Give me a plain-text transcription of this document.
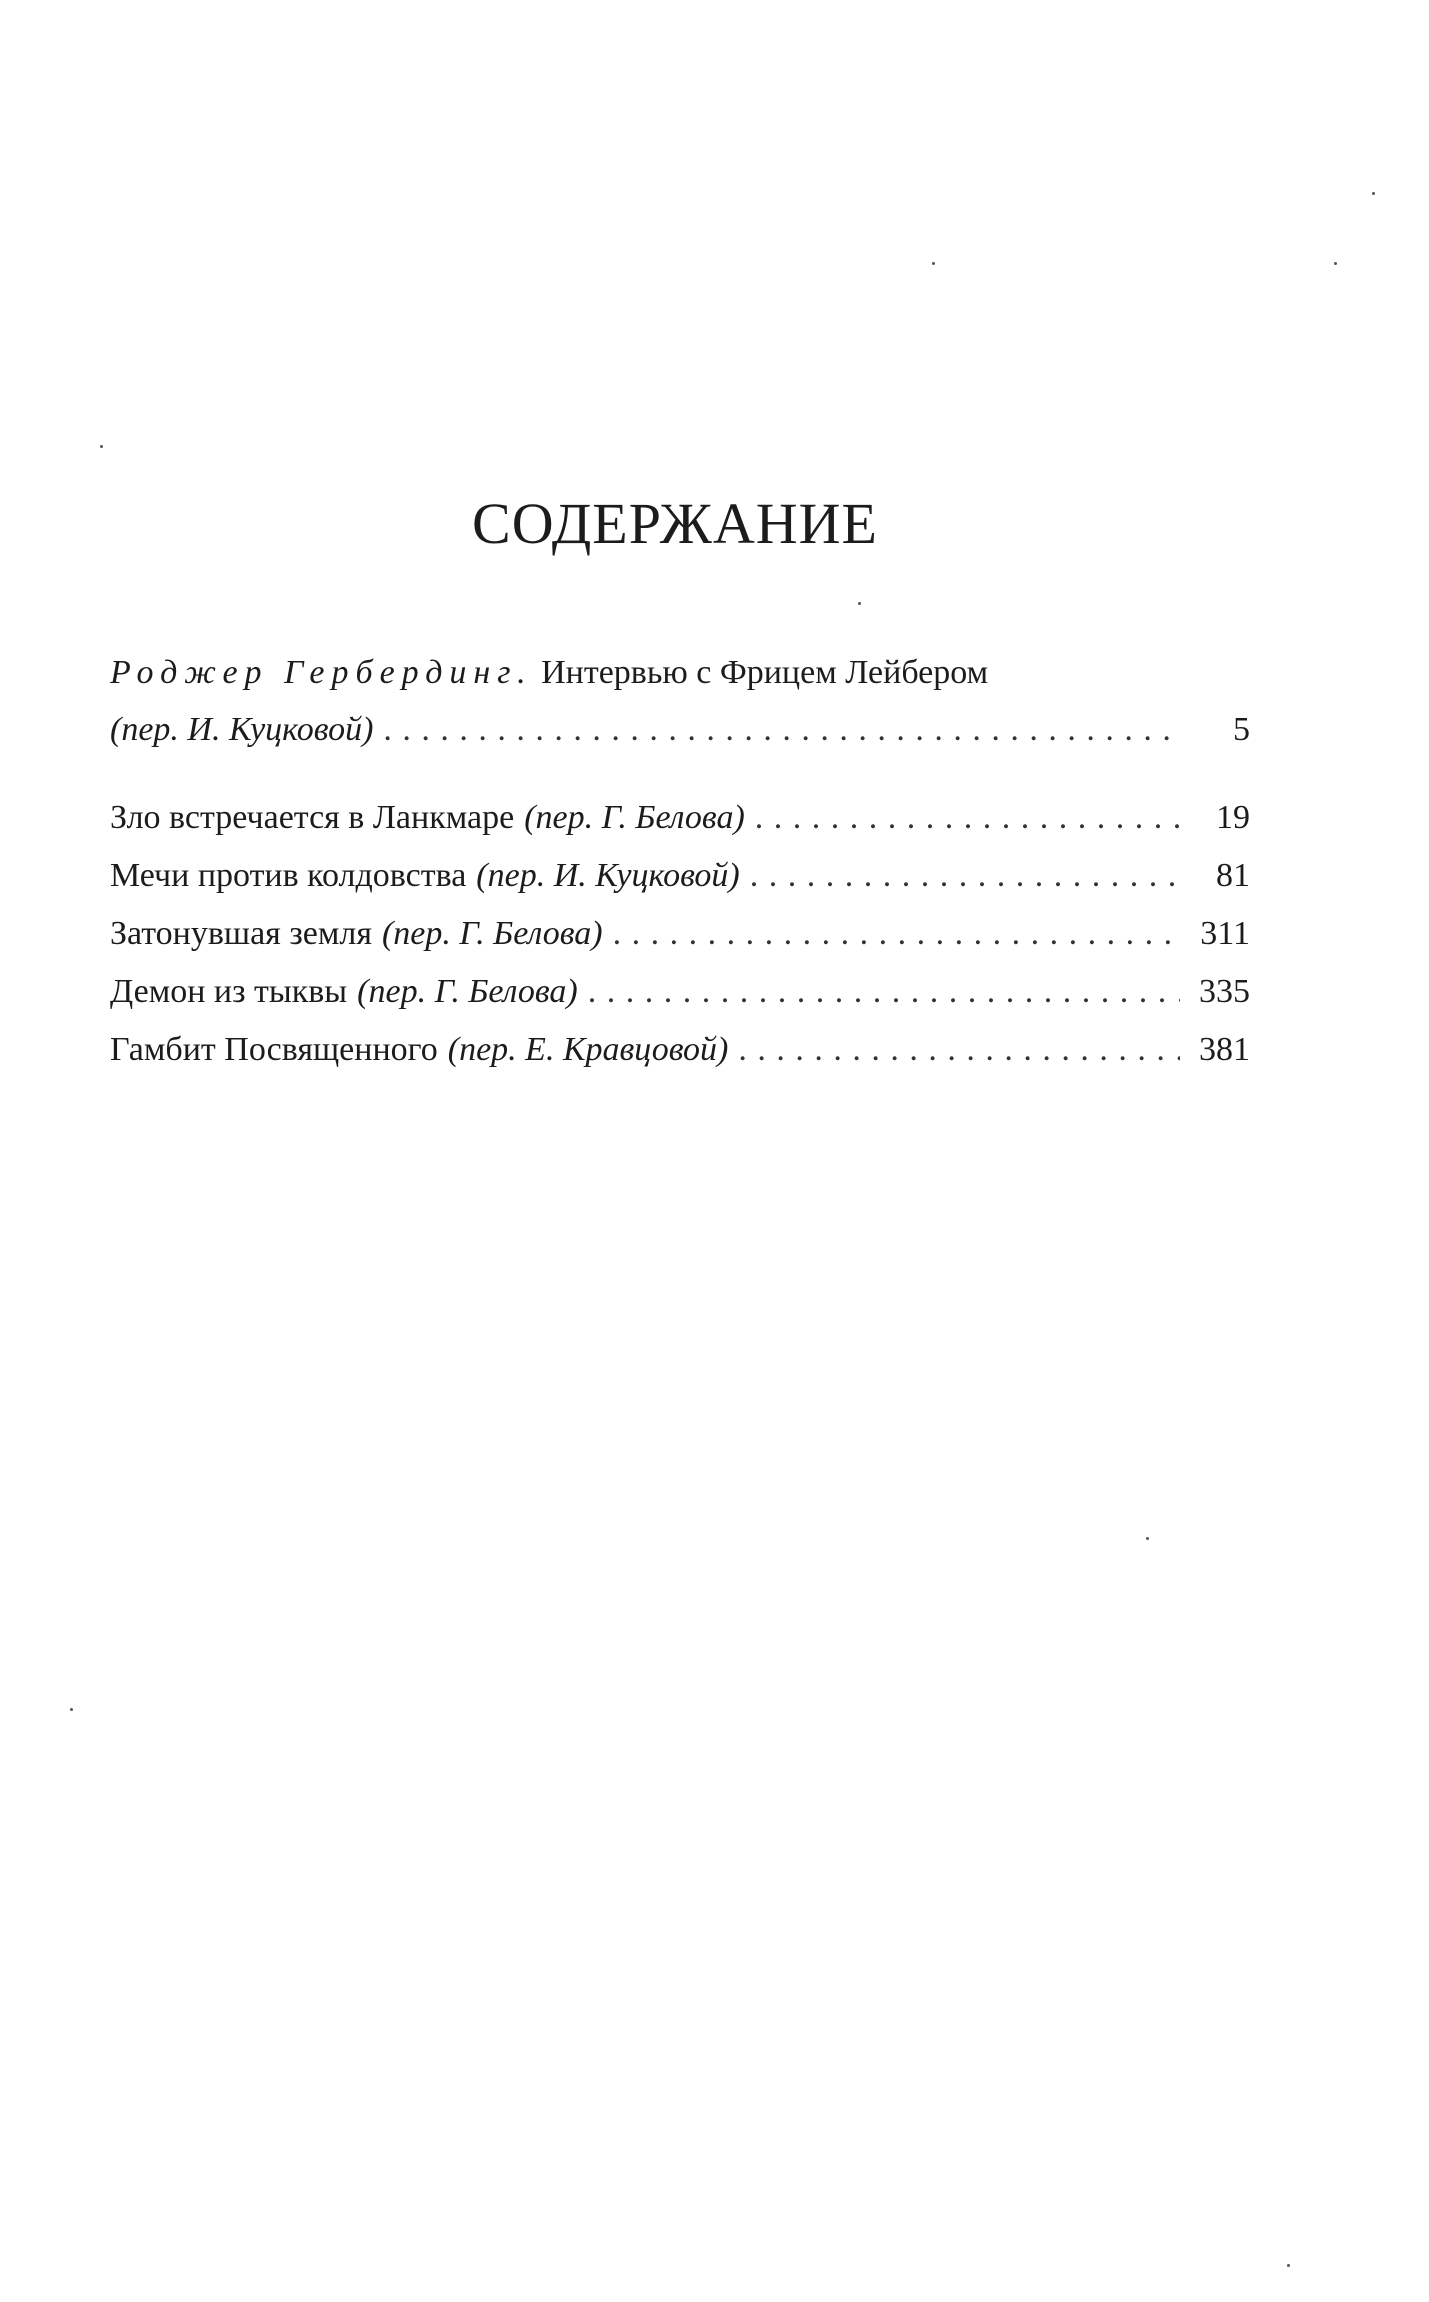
СОДЕРЖАНИЕ
Роджер Гербердинг. Интервью с Фрицем Лейбером
(пер. И. Куцковой) . . .	5
Зло встречается в Ланкмаре (пер. Г. Белова) . . .	19
Мечи против колдовства (пер. И. Куцковой) . . .	81
Затонувшая земля (пер. Г. Белова) . . .	311
Демон из тыквы (пер. Г. Белова) . . .	335
Гамбит Посвященного (пер. Е. Кравцовой) . . .	381
